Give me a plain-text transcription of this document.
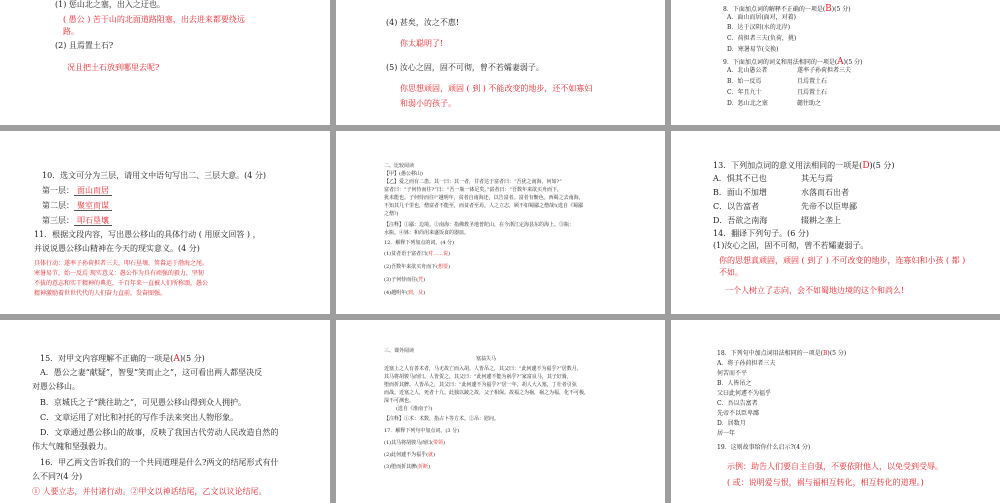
(1) 惩山北之塞，出入之迂也。
( 愚公 ) 苦于山的北面道路阻塞，出去进来都要绕远
路。
(2) 且焉置土石?
况且把土石放到哪里去呢?
(4) 甚矣，汝之不惠!
你太聪明了!
(5) 汝心之固，固不可彻，曾不若孀妻弱子。
你思想顽固，顽固 ( 到 ) 不能改变的地步，还不如寡妇
和弱小的孩子。
8．下面加点词的解释不正确的一项是(B)(5 分)
A．面山而居(面对，对着)
B．达于汉阴(水的北岸)
C．荷担者三夫(负荷，挑)
D．寒暑易节(交换)
9．下面加点词的词义和用法相同的一项是(A)(5 分)
A．北山愚公者	遂率子孙荷担者三夫
B．始一反焉	且焉置土石
C．年且九十	且焉置土石
D．惩山北之塞	懿往助之
10．选文可分为三层，请用文中语句写出二、三层大意。(4 分)
第一层： 面山而居
第二层： 聚室而谋
第三层： 叩石垦壤
11．根据文段内容，写出愚公移山的具体行动 ( 用原文回答 ) ，
并说说愚公移山精神在今天的现实意义。(4 分)
具体行动：遂率子孙荷担者三夫，叩石垦壤，箕畚运于渤海之尾。
寒暑易节，始一反焉 现实意义：愚公作为具有顽强的毅力，坚韧
不拔的意志和实干精神的典范，千百年来一直被人们所称颂，愚公
精神激励着世世代代的人们奋力直前，发奋图强。
二、比较阅读
【甲】(愚公移山)
【乙】爱之而有二患。其一曰：其一者，甘者达于富者曰：“吾犹之南海，何如?”
富者曰：“子何恃而往?”曰：“吾一瓶一钵足矣。”富者曰：“吾数年来欲买舟而下，
犹未能也。子何恃而往!”越明年，贫者自南海还，以告富者。富者有惭色。西蜀之去南海，
不知其几千里也，僧富者不能至，而贫者至焉。人之立志，顾不如蜀鄙之僧哉!(选自《蜀鄙
之僧》)
【注释】①鄙：边境。②南海：指佛教圣地普陀山，在今浙江定海县东的海上。③瓶：
水瓶。④钵：和尚用来盛饭食的器皿。
12．解释下列加点的词。(4 分)
(1)贫者语于富者曰(对……说)
(2)吾数年来欲买舟而下(想要)
(3)子何恃而往(凭)
(4)越明年(到，及)
13．下列加点词的意义用法相同的一项是(D)(5 分)
A．惧其不已也	其无与焉
B．面山不加增	水落而石出者
C．以告富者	先帝不以臣卑鄙
D．吾欲之南海	辍耕之垄上
14．翻译下列句子。(6 分)
(1)汝心之固，固不可彻，曾不若孀妻弱子。
你的思想真顽固，顽固 ( 到了 ) 不可改变的地步，连寡妇和小孩 ( 都 )
不如。
一个人树立了志向，会不如蜀地边境的这个和尚么!
15．对甲文内容理解不正确的一项是(A)(5 分)
A．愚公之妻“献疑”，智叟“笑而止之”，这可看出两人都坚决反
对愚公移山。
B．京城氏之子“跳往助之”，可见愚公移山得到众人拥护。
C．文章运用了对比和衬托的写作手法来突出人物形象。
D．文章通过愚公移山的故事，反映了我国古代劳动人民改造自然的
伟大气魄和坚强毅力。
16．甲乙两文告诉我们的一个共同道理是什么?两文的结尾形式有什
么不同?(4 分)
① 人要立志，并付诸行动。②甲文以神话结尾，乙文以议论结尾。
三、课外阅读
塞翁失马
近塞上之人有善术者，马无故亡而入胡。人皆吊之，其父曰：“此何遽不为福乎?”居数月，
其马将胡骏马而归。人皆贺之，其父曰：“此何遽不能为祸乎?”家富良马，其子好骑，
堕而折其髀。人皆吊之，其父曰：“此何遽不为福乎?”居一年，胡人大入塞，丁壮者引弦
而战。近塞之人，死者十九。此独以跛之故，父子相保。故福之为祸，祸之为福，化不可极，
深不可测也。
(选自《淮南子》)
【注释】①术：术数，指占卜等方术。②吊：慰问。
17．解释下列句中加点词。(3 分)
(1)其马将胡骏马而归(带领)
(2)此何遽不为福乎(就)
(3)堕而折其髀(折断)
18．下列句中加点词用法相同的一项是(B)(5 分)
A．将子孙荷担者三夫
何苦而不平
B．人皆吊之
父曰此何遽不为福乎
C．吾以告富者
先帝不以臣卑鄙
D．居数月
居一年
19．这则故事给你什么启示?(4 分)
示例：助告人们要自主自强，不要依附他人，以免受到受辱。
( 或：说明爱与恨，祸与福相互转化，相互转化的道理。)
